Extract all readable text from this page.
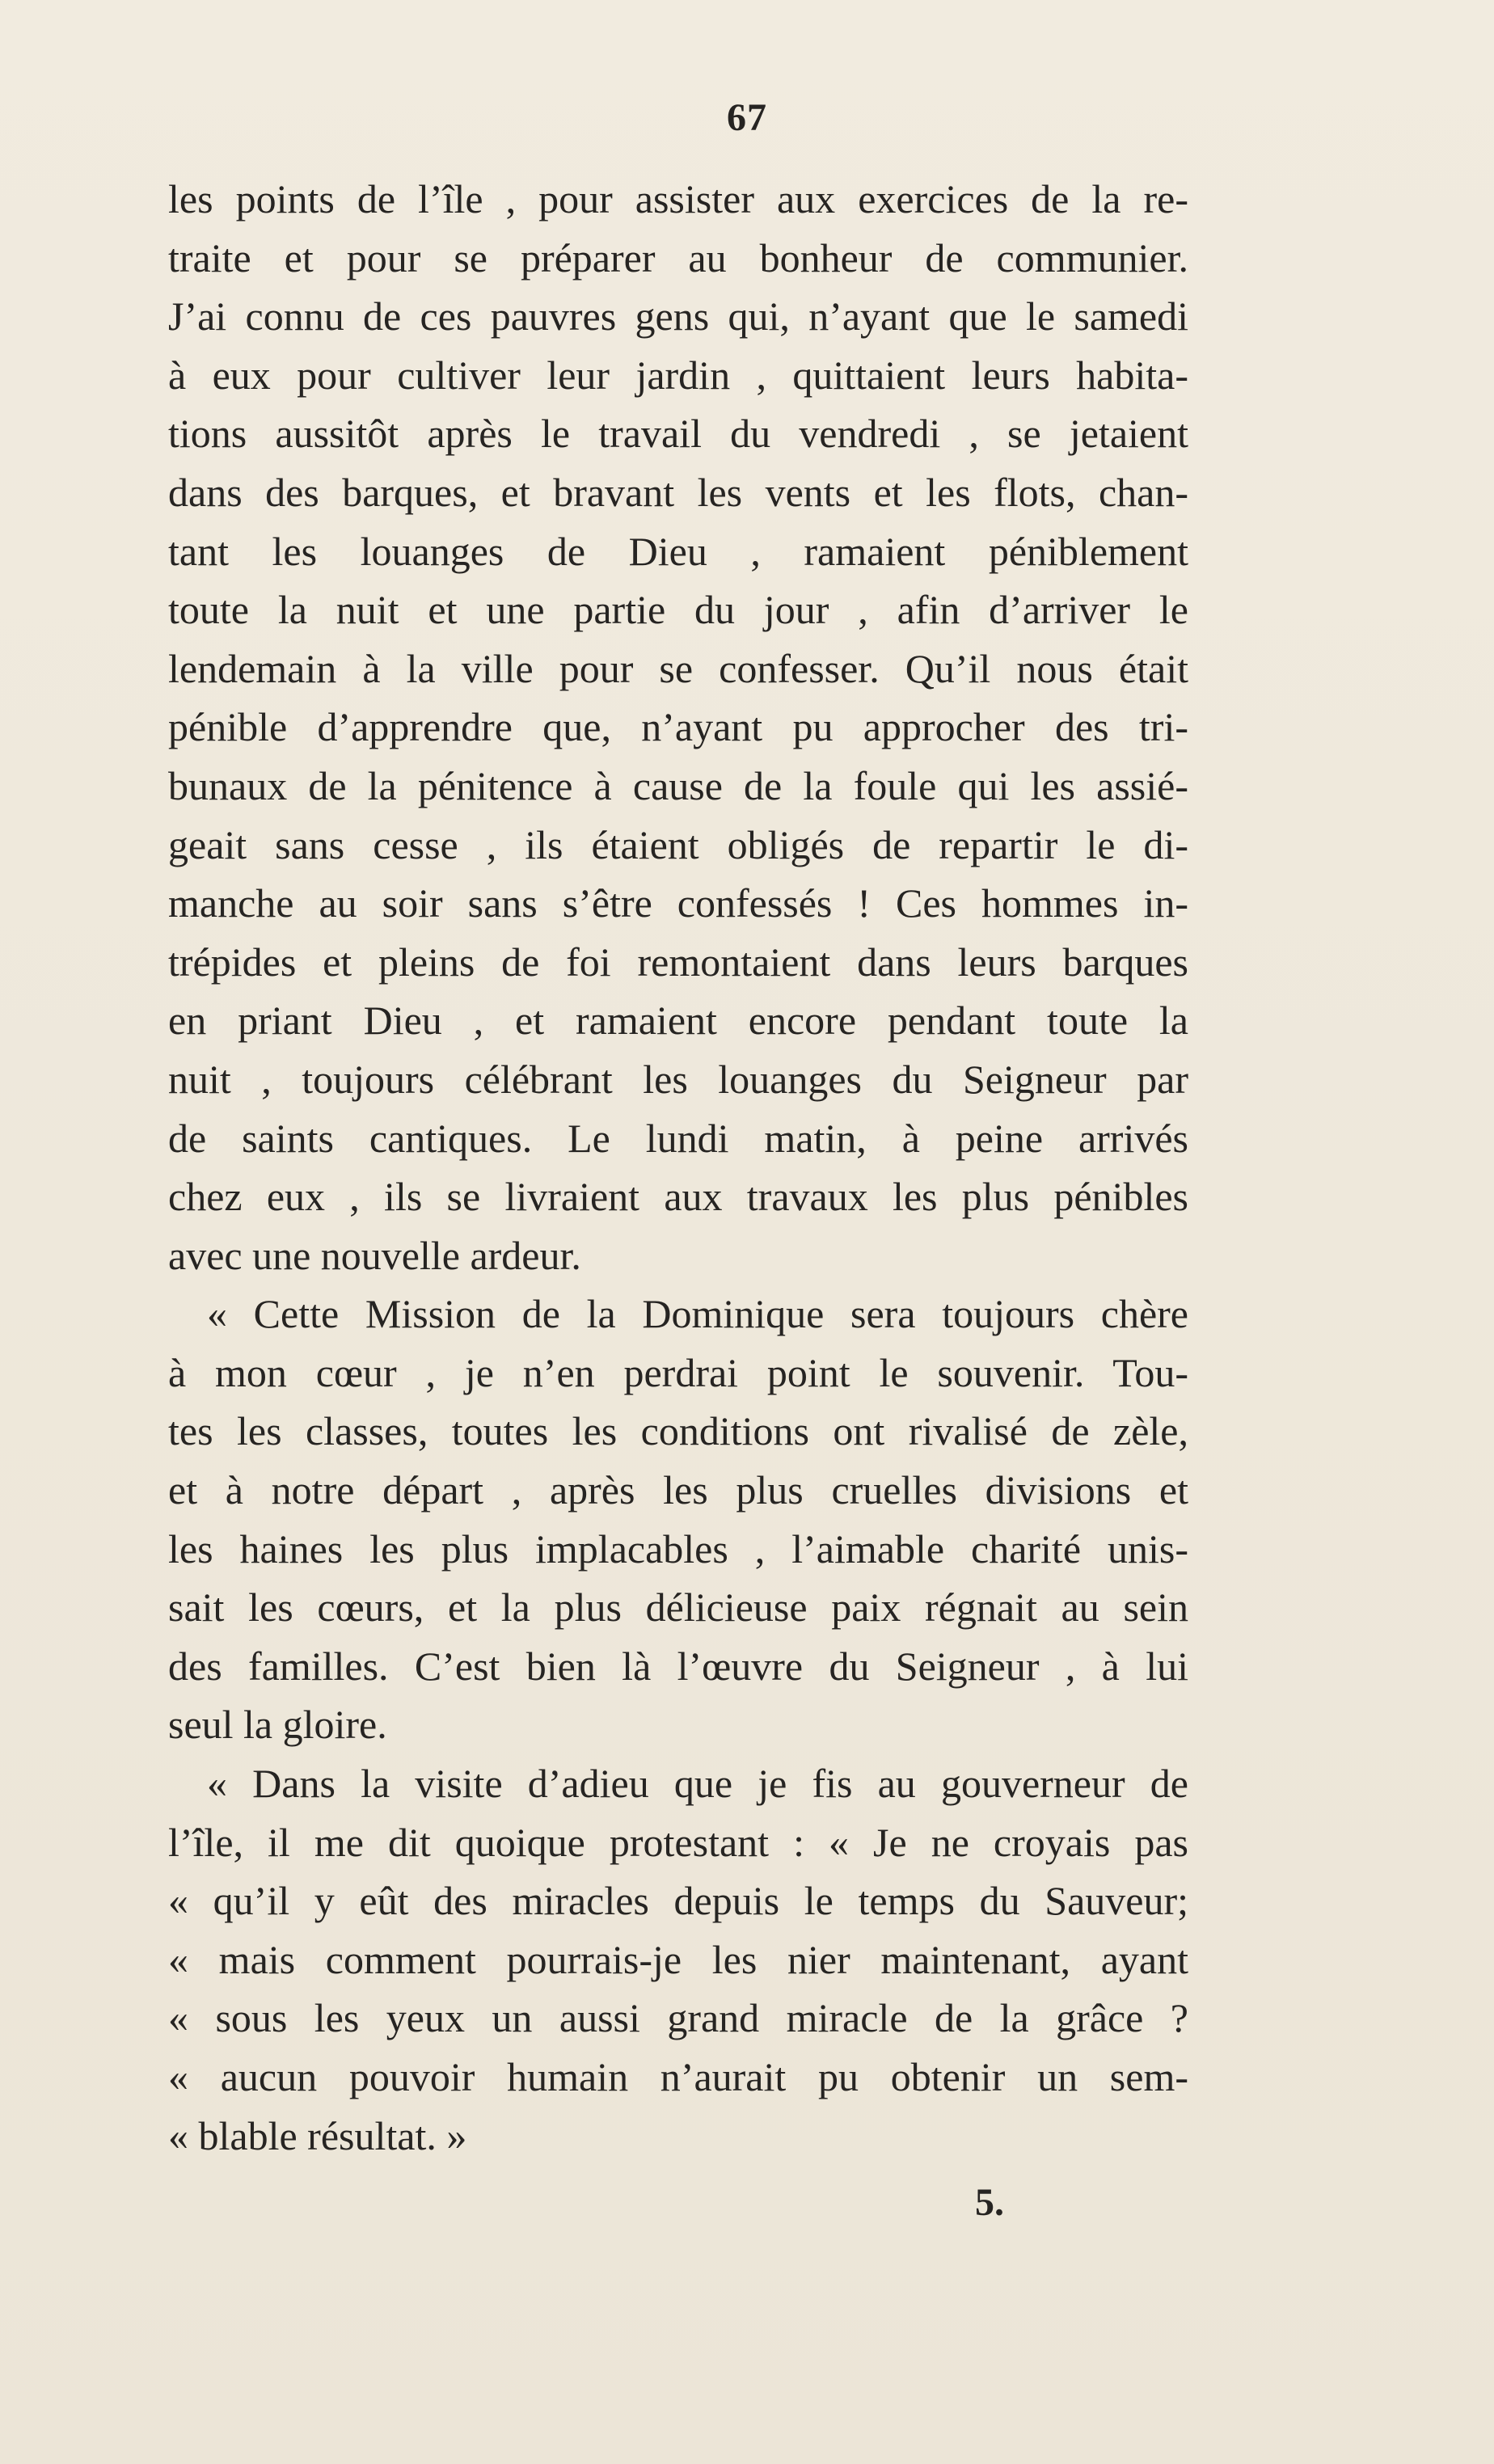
67
les points de l’île , pour assister aux exercices de la re-
traite et pour se préparer au bonheur de communier.
J’ai connu de ces pauvres gens qui, n’ayant que le samedi
à eux pour cultiver leur jardin , quittaient leurs habita-
tions aussitôt après le travail du vendredi , se jetaient
dans des barques, et bravant les vents et les flots, chan-
tant les louanges de Dieu , ramaient péniblement
toute la nuit et une partie du jour , afin d’arriver le
lendemain à la ville pour se confesser. Qu’il nous était
pénible d’apprendre que, n’ayant pu approcher des tri-
bunaux de la pénitence à cause de la foule qui les assié-
geait sans cesse , ils étaient obligés de repartir le di-
manche au soir sans s’être confessés ! Ces hommes in-
trépides et pleins de foi remontaient dans leurs barques
en priant Dieu , et ramaient encore pendant toute la
nuit , toujours célébrant les louanges du Seigneur par
de saints cantiques. Le lundi matin, à peine arrivés
chez eux , ils se livraient aux travaux les plus pénibles
avec une nouvelle ardeur.
« Cette Mission de la Dominique sera toujours chère
à mon cœur , je n’en perdrai point le souvenir. Tou-
tes les classes, toutes les conditions ont rivalisé de zèle,
et à notre départ , après les plus cruelles divisions et
les haines les plus implacables , l’aimable charité unis-
sait les cœurs, et la plus délicieuse paix régnait au sein
des familles. C’est bien là l’œuvre du Seigneur , à lui
seul la gloire.
« Dans la visite d’adieu que je fis au gouverneur de
l’île, il me dit quoique protestant : « Je ne croyais pas
« qu’il y eût des miracles depuis le temps du Sauveur;
« mais comment pourrais-je les nier maintenant, ayant
« sous les yeux un aussi grand miracle de la grâce ?
« aucun pouvoir humain n’aurait pu obtenir un sem-
« blable résultat. »
5.
